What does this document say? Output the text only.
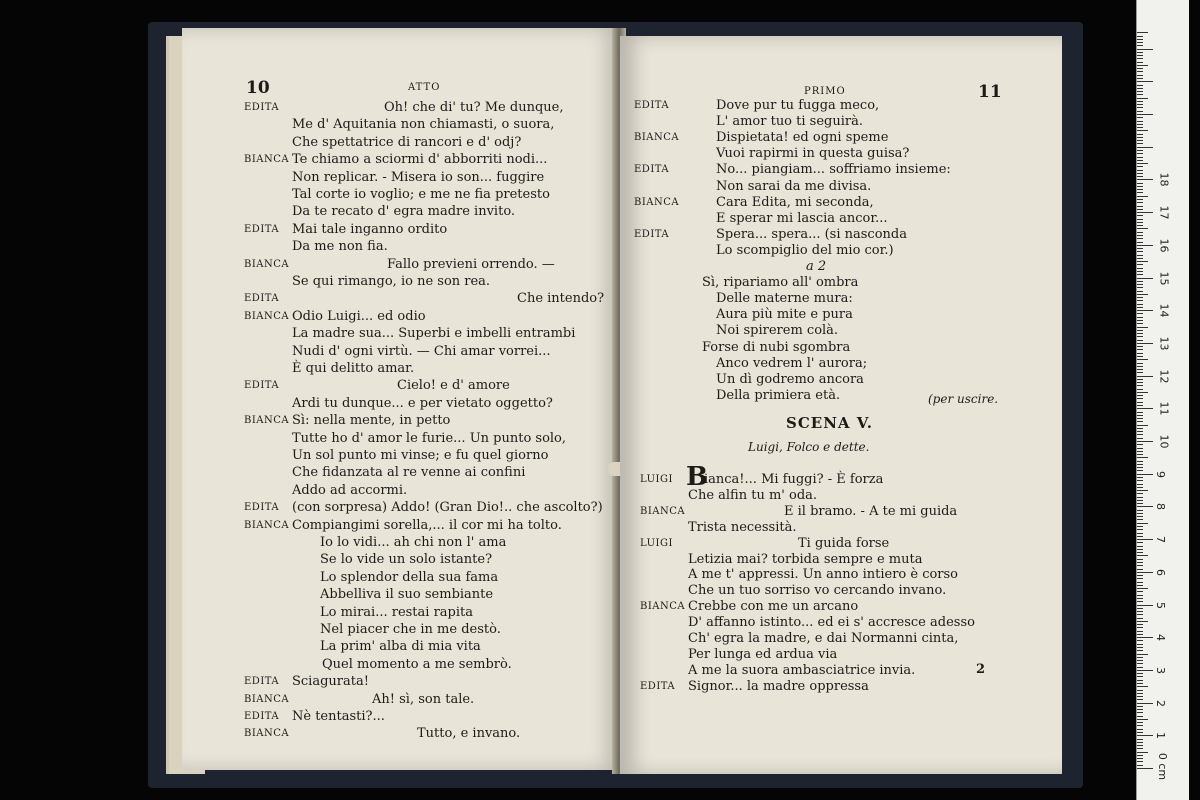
10	ATTO
EDITA	Oh! che di' tu? Me dunque,
Me d' Aquitania non chiamasti, o suora,
Che spettatrice di rancori e d' odj?
BIANCA Te chiamo a sciormi d' abborriti nodi...
Non replicar. - Misera io son... fuggire
Tal corte io voglio; e me ne fia pretesto
Da te recato d' egra madre invito.
EDITA Mai tale inganno ordito
Da me non fia.
BIANCA	Fallo previeni orrendo. —
Se qui rimango, io ne son rea.
EDITA	Che intendo?
BIANCA Odio Luigi... ed odio
La madre sua... Superbi e imbelli entrambi
Nudi d' ogni virtù. — Chi amar vorrei...
È qui delitto amar.
EDITA	Cielo! e d' amore
Ardi tu dunque... e per vietato oggetto?
BIANCA Sì: nella mente, in petto
Tutte ho d' amor le furie... Un punto solo,
Un sol punto mi vinse; e fu quel giorno
Che fidanzata al re venne ai confini
Addo ad accormi.
EDITA (con sorpresa) Addo! (Gran Dio!.. che ascolto?)
BIANCA Compiangimi sorella,... il cor mi ha tolto.
Io lo vidi... ah chi non l' ama
Se lo vide un solo istante?
Lo splendor della sua fama
Abbelliva il suo sembiante
Lo mirai... restai rapita
Nel piacer che in me destò.
La prim' alba di mia vita
Quel momento a me sembrò.
EDITA Sciagurata!
BIANCA	Ah! sì, son tale.
EDITA Nè tentasti?...
BIANCA	Tutto, e invano.
PRIMO	11
EDITA	Dove pur tu fugga meco,
L' amor tuo ti seguirà.
BIANCA	Dispietata! ed ogni speme
Vuoi rapirmi in questa guisa?
EDITA	No... piangiam... soffriamo insieme:
Non sarai da me divisa.
BIANCA	Cara Edita, mi seconda,
E sperar mi lascia ancor...
EDITA	Spera... spera... (si nasconda
Lo scompiglio del mio cor.)
a 2
Sì, ripariamo all' ombra
Delle materne mura:
Aura più mite e pura
Noi spirerem colà.
Forse di nubi sgombra
Anco vedrem l' aurora;
Un dì godremo ancora
Della primiera età.	(per uscire.
SCENA V.
Luigi, Folco e dette.
LUIGI ianca!... Mi fuggi? - È forza
Che alfin tu m' oda.
BIANCA	E il bramo. - A te mi guida
Trista necessità.
LUIGI	Ti guida forse
Letizia mai? torbida sempre e muta
A me t' appressi. Un anno intiero è corso
Che un tuo sorriso vo cercando invano.
BIANCA Crebbe con me un arcano
D' affanno istinto... ed ei s' accresce adesso
Ch' egra la madre, e dai Normanni cinta,
Per lunga ed ardua via
A me la suora ambasciatrice invia.
EDITA Signor... la madre oppressa
B
2
0 cm
1
2
3
4
5
6
7
8
9
10
11
12
13
14
15
16
17
18
